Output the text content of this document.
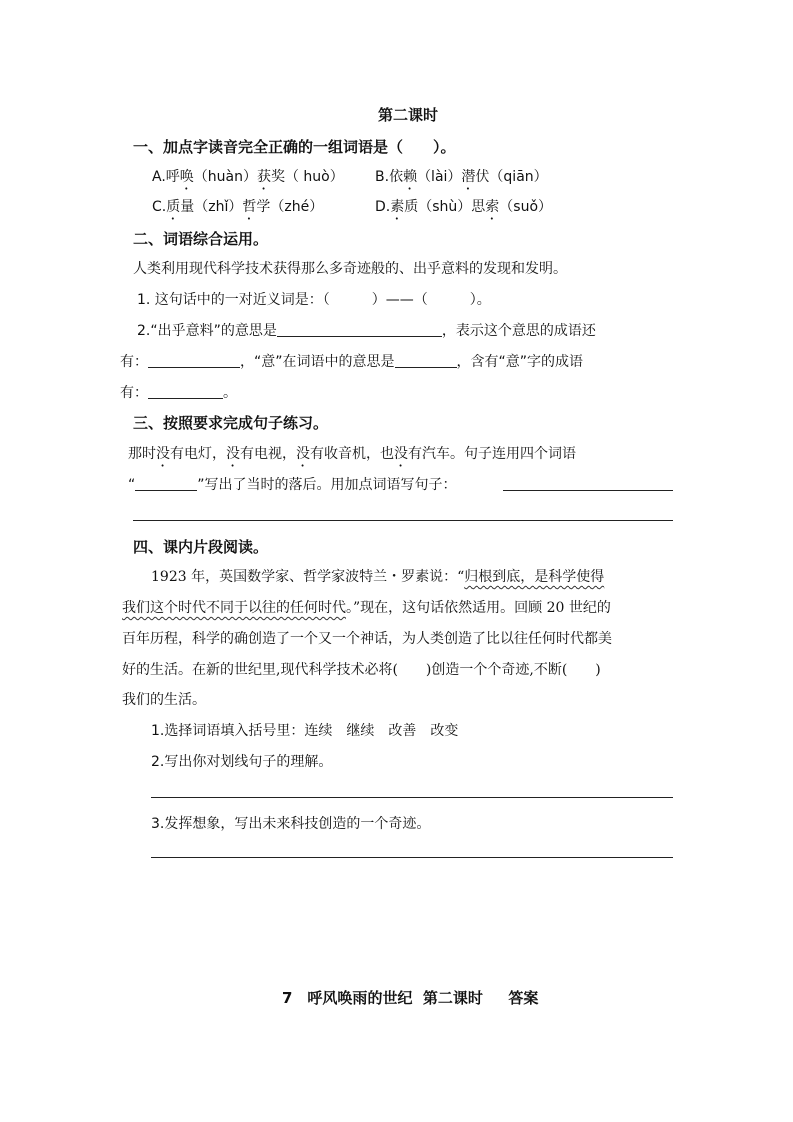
第二课时
一、加点字读音完全正确的一组词语是（　　）。
A.呼唤（huàn）获奖（ huò） B.依赖（lài）潜伏（qiān）
C.质量（zhǐ）哲学（zhé）	D.素质（shù）思索（suǒ）
二、词语综合运用。
人类利用现代科学技术获得那么多奇迹般的、出乎意料的发现和发明。
1. 这句话中的一对近义词是：（　　　）——（　　　）。
2.“出乎意料”的意思是	，表示这个意思的成语还
有：	，“意”在词语中的意思是	，含有“意”字的成语
有：	。
三、按照要求完成句子练习。
那时没有电灯，没有电视，没有收音机，也没有汽车。句子连用四个词语
“	”写出了当时的落后。用加点词语写句子：
四、课内片段阅读。
1923 年，英国数学家、哲学家波特兰・罗素说：“归根到底，是科学使得
我们这个时代不同于以往的任何时代。”现在，这句话依然适用。回顾 20 世纪的
百年历程，科学的确创造了一个又一个神话，为人类创造了比以往任何时代都美
好的生活。在新的世纪里,现代科学技术必将(　　)创造一个个奇迹,不断(　　)
我们的生活。
1.选择词语填入括号里：连续　继续　改善　改变
2.写出你对划线句子的理解。
3.发挥想象，写出未来科技创造的一个奇迹。
7　呼风唤雨的世纪  第二课时　  答案
